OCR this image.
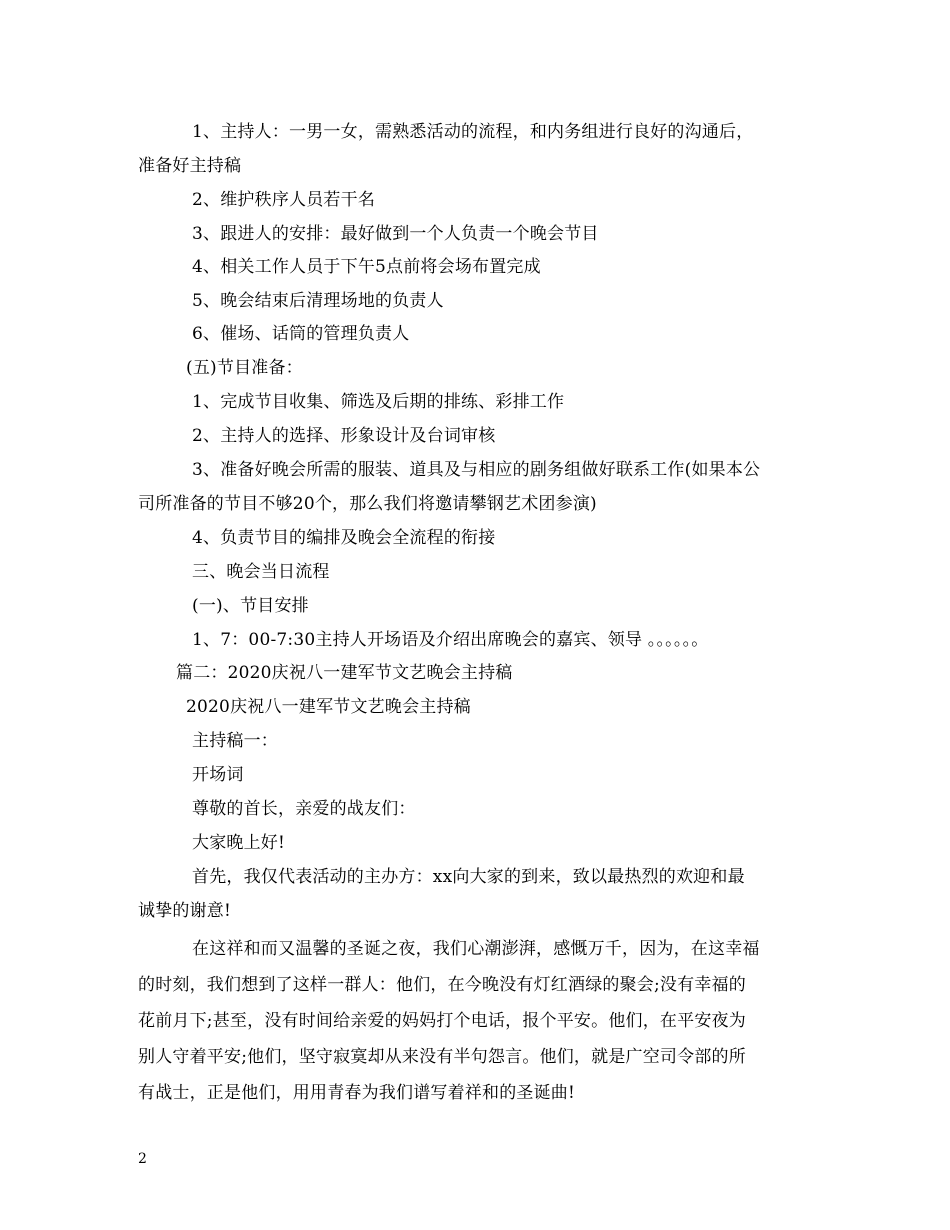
1、主持人：一男一女，需熟悉活动的流程，和内务组进行良好的沟通后，
准备好主持稿
2、维护秩序人员若干名
3、跟进人的安排：最好做到一个人负责一个晚会节目
4、相关工作人员于下午5点前将会场布置完成
5、晚会结束后清理场地的负责人
6、催场、话筒的管理负责人
(五)节目准备：
1、完成节目收集、筛选及后期的排练、彩排工作
2、主持人的选择、形象设计及台词审核
3、准备好晚会所需的服装、道具及与相应的剧务组做好联系工作(如果本公
司所准备的节目不够20个，那么我们将邀请攀钢艺术团参演)
4、负责节目的编排及晚会全流程的衔接
三、晚会当日流程
(一)、节目安排
1、7：00-7:30主持人开场语及介绍出席晚会的嘉宾、领导 。。。。。。
篇二：2020庆祝八一建军节文艺晚会主持稿
2020庆祝八一建军节文艺晚会主持稿
主持稿一：
开场词
尊敬的首长，亲爱的战友们：
大家晚上好!
首先，我仅代表活动的主办方：xx向大家的到来，致以最热烈的欢迎和最
诚挚的谢意!
在这祥和而又温馨的圣诞之夜，我们心潮澎湃，感慨万千，因为，在这幸福
的时刻，我们想到了这样一群人：他们，在今晚没有灯红酒绿的聚会;没有幸福的
花前月下;甚至，没有时间给亲爱的妈妈打个电话，报个平安。他们，在平安夜为
别人守着平安;他们，坚守寂寞却从来没有半句怨言。他们，就是广空司令部的所
有战士，正是他们，用用青春为我们谱写着祥和的圣诞曲!
2
